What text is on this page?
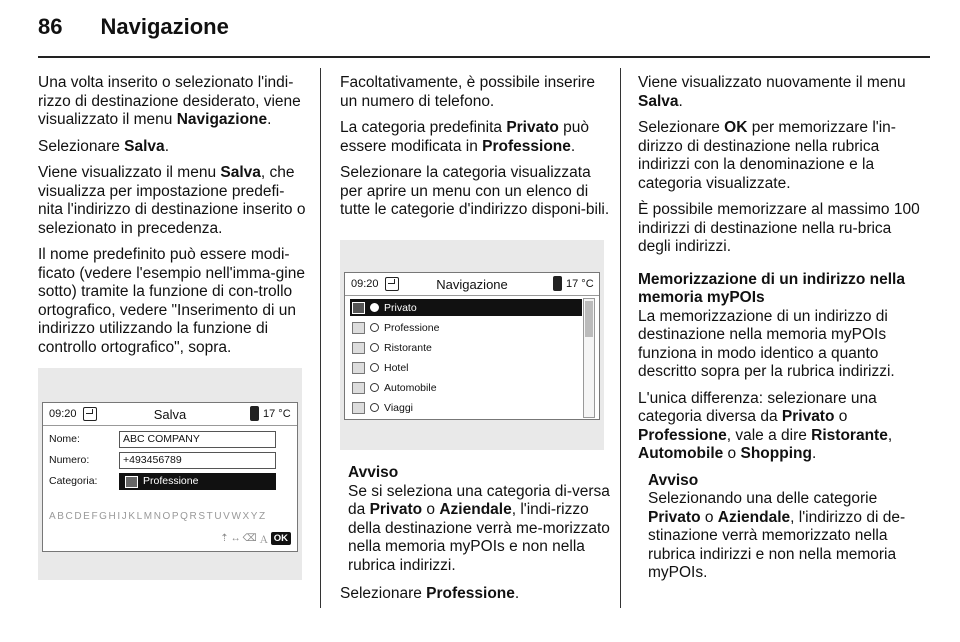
86 Navigazione

Una volta inserito o selezionato l'indi-rizzo di destinazione desiderato, viene visualizzato il menu Navigazione.

Selezionare Salva.

Viene visualizzato il menu Salva, che visualizza per impostazione predefi-nita l'indirizzo di destinazione inserito o selezionato in precedenza.

Il nome predefinito può essere modi-ficato (vedere l'esempio nell'imma-gine sotto) tramite la funzione di con-trollo ortografico, vedere "Inserimento di un indirizzo utilizzando la funzione di controllo ortografico", sopra.

09:20	Salva	17 °C
Nome:	ABC COMPANY
Numero:	+493456789
Categoria:	Professione
ABCDEFGHIJKLMNOPQRSTUVWXYZ
⇡ ↔ ⌫ Ａ OK

Facoltativamente, è possibile inserire un numero di telefono.

La categoria predefinita Privato può essere modificata in Professione.

Selezionare la categoria visualizzata per aprire un menu con un elenco di tutte le categorie d'indirizzo disponi-bili.

09:20	Navigazione	17 °C
Privato
Professione
Ristorante
Hotel
Automobile
Viaggi
Avviso
Se si seleziona una categoria di-versa da Privato o Aziendale, l'indi-rizzo della destinazione verrà me-morizzato nella memoria myPOIs e non nella rubrica indirizzi.

Selezionare Professione.

Viene visualizzato nuovamente il menu Salva.

Selezionare OK per memorizzare l'in-dirizzo di destinazione nella rubrica indirizzi con la denominazione e la categoria visualizzate.

È possibile memorizzare al massimo 100 indirizzi di destinazione nella ru-brica degli indirizzi.

Memorizzazione di un indirizzo nella memoria myPOIs

La memorizzazione di un indirizzo di destinazione nella memoria myPOIs funziona in modo identico a quanto descritto sopra per la rubrica indirizzi.

L'unica differenza: selezionare una categoria diversa da Privato o Professione, vale a dire Ristorante, Automobile o Shopping.

Avviso
Selezionando una delle categorie Privato o Aziendale, l'indirizzo di de-stinazione verrà memorizzato nella rubrica indirizzi e non nella memoria myPOIs.
